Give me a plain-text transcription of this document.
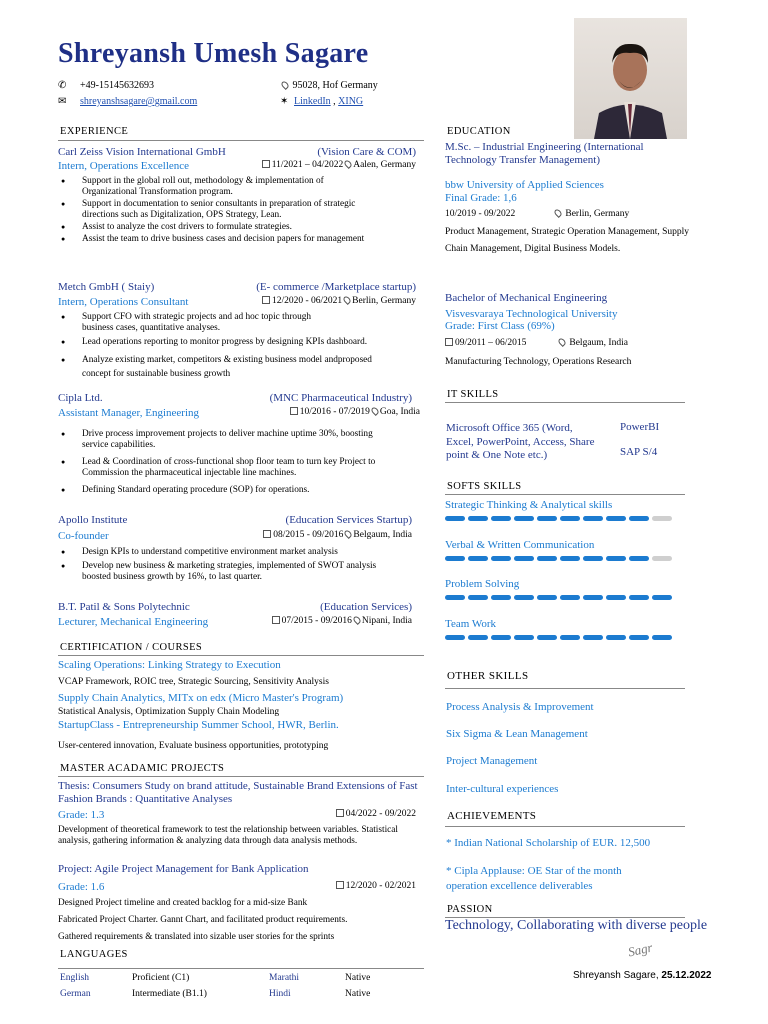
Shreyansh Umesh Sagare
✆ +49-15145632693
✉ shreyanshsagare@gmail.com
95028, Hof Germany
✶ LinkedIn , XING
EXPERIENCE
Carl Zeiss Vision International GmbH	(Vision Care & COM)
Intern, Operations Excellence	11/2021 – 04/2022 Aalen, Germany
● Support in the global roll out, methodology & implementation of Organizational Transformation program.
● Support in documentation to senior consultants in preparation of strategic directions such as Digitalization, OPS Strategy, Lean.
● Assist to analyze the cost drivers to formulate strategies.
● Assist the team to drive business cases and decision papers for management
Metch GmbH ( Staiy)	(E- commerce /Marketplace startup)
Intern, Operations Consultant	12/2020 - 06/2021 Berlin, Germany
● Support CFO with strategic projects and ad hoc topic through business cases, quantitative analyses.
● Lead operations reporting to monitor progress by designing KPIs dashboard.
● Analyze existing market, competitors & existing business model andproposed concept for sustainable business growth
Cipla Ltd.	(MNC Pharmaceutical Industry)
Assistant Manager, Engineering	10/2016 - 07/2019 Goa, India
● Drive process improvement projects to deliver machine uptime 30%, boosting service capabilities.
● Lead & Coordination of cross-functional shop floor team to turn key Project to Commission the pharmaceutical injectable line machines.
● Defining Standard operating procedure (SOP) for operations.
Apollo Institute	(Education Services Startup)
Co-founder	08/2015 - 09/2016 Belgaum, India
● Design KPIs to understand competitive environment market analysis
● Develop new business & marketing strategies, implemented of SWOT analysis boosted business growth by 16%, to last quarter.
B.T. Patil & Sons Polytechnic	(Education Services)
Lecturer, Mechanical Engineering	07/2015 - 09/2016 Nipani, India
CERTIFICATION / COURSES
Scaling Operations: Linking Strategy to Execution
VCAP Framework, ROIC tree, Strategic Sourcing, Sensitivity Analysis
Supply Chain Analytics, MITx on edx (Micro Master's Program)
Statistical Analysis, Optimization Supply Chain Modeling
StartupClass - Entrepreneurship Summer School, HWR, Berlin.
User-centered innovation, Evaluate business opportunities, prototyping
MASTER ACADAMIC PROJECTS
Thesis: Consumers Study on brand attitude, Sustainable Brand Extensions of Fast Fashion Brands : Quantitative Analyses
Grade: 1.3	04/2022 - 09/2022
Development of theoretical framework to test the relationship between variables. Statistical analysis, gathering information & analyzing data through data analysis methods.
Project: Agile Project Management for Bank Application
Grade: 1.6	12/2020 - 02/2021
Designed Project timeline and created backlog for a mid-size Bank
Fabricated Project Charter. Gannt Chart, and facilitated product requirements.
Gathered requirements & translated into sizable user stories for the sprints
LANGUAGES
English	Proficient (C1)	Marathi	Native
German	Intermediate (B1.1)	Hindi	Native
EDUCATION
M.Sc. – Industrial Engineering (International Technology Transfer Management)
bbw University of Applied Sciences
Final Grade: 1,6
10/2019 - 09/2022	Berlin, Germany
Product Management, Strategic Operation Management, Supply Chain Management, Digital Business Models.
Bachelor of Mechanical Engineering
Visvesvaraya Technological University
Grade: First Class (69%)
09/2011 – 06/2015	Belgaum, India
Manufacturing Technology, Operations Research
IT SKILLS
Microsoft Office 365 (Word, Excel, PowerPoint, Access, Share point & One Note etc.)
PowerBI
SAP S/4
SOFTS SKILLS
Strategic Thinking & Analytical skills
Verbal & Written Communication
Problem Solving
Team Work
OTHER SKILLS
Process Analysis & Improvement
Six Sigma & Lean Management
Project Management
Inter-cultural experiences
ACHIEVEMENTS
* Indian National Scholarship of EUR. 12,500
* Cipla Applause: OE Star of the month operation excellence deliverables
PASSION
Technology, Collaborating with diverse people
Sagr
Shreyansh Sagare, 25.12.2022
